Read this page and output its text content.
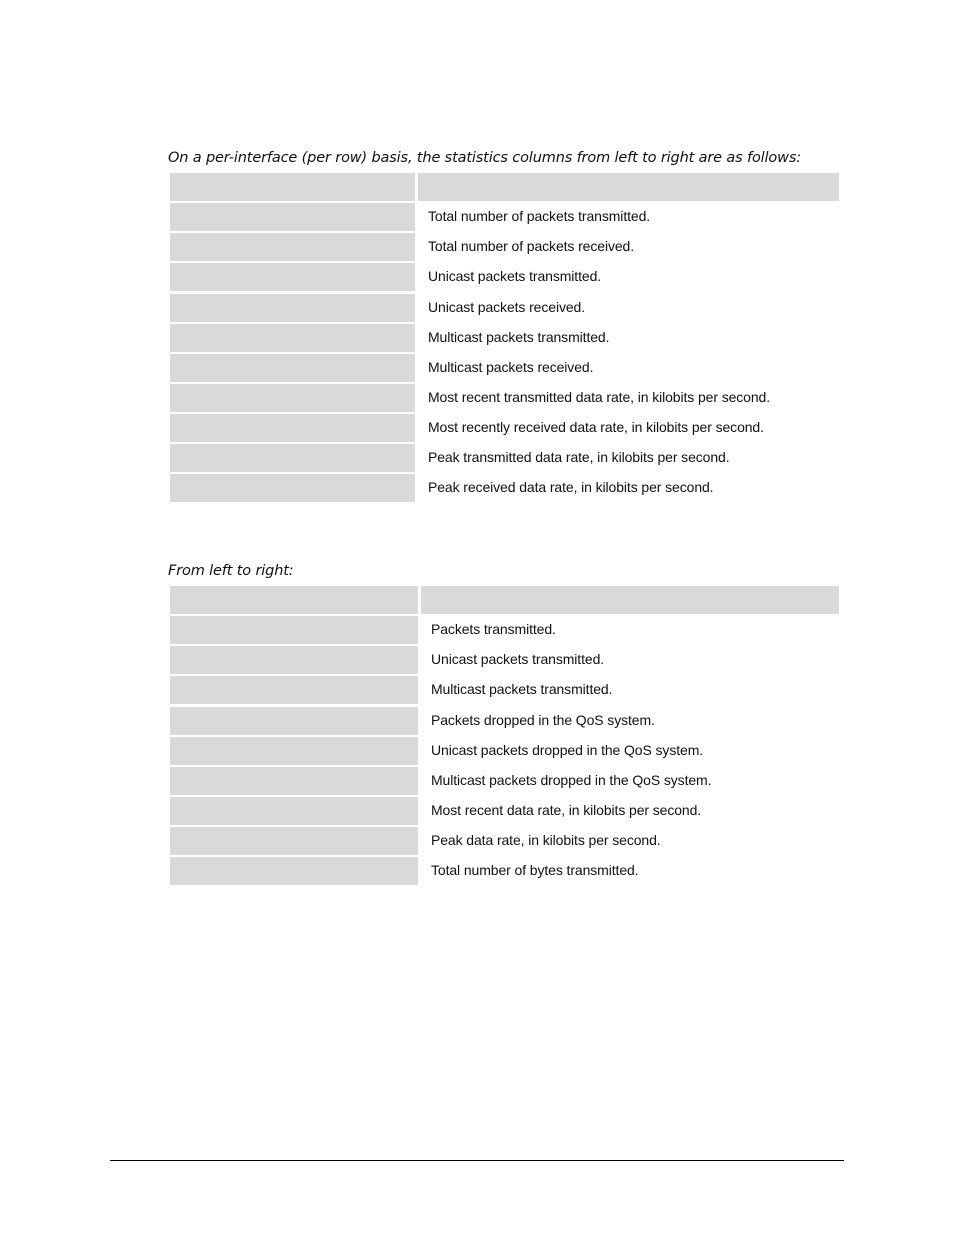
On a per-interface (per row) basis, the statistics columns from left to right are as follows:
Total number of packets transmitted.
Total number of packets received.
Unicast packets transmitted.
Unicast packets received.
Multicast packets transmitted.
Multicast packets received.
Most recent transmitted data rate, in kilobits per second.
Most recently received data rate, in kilobits per second.
Peak transmitted data rate, in kilobits per second.
Peak received data rate, in kilobits per second.
From left to right:
Packets transmitted.
Unicast packets transmitted.
Multicast packets transmitted.
Packets dropped in the QoS system.
Unicast packets dropped in the QoS system.
Multicast packets dropped in the QoS system.
Most recent data rate, in kilobits per second.
Peak data rate, in kilobits per second.
Total number of bytes transmitted.
